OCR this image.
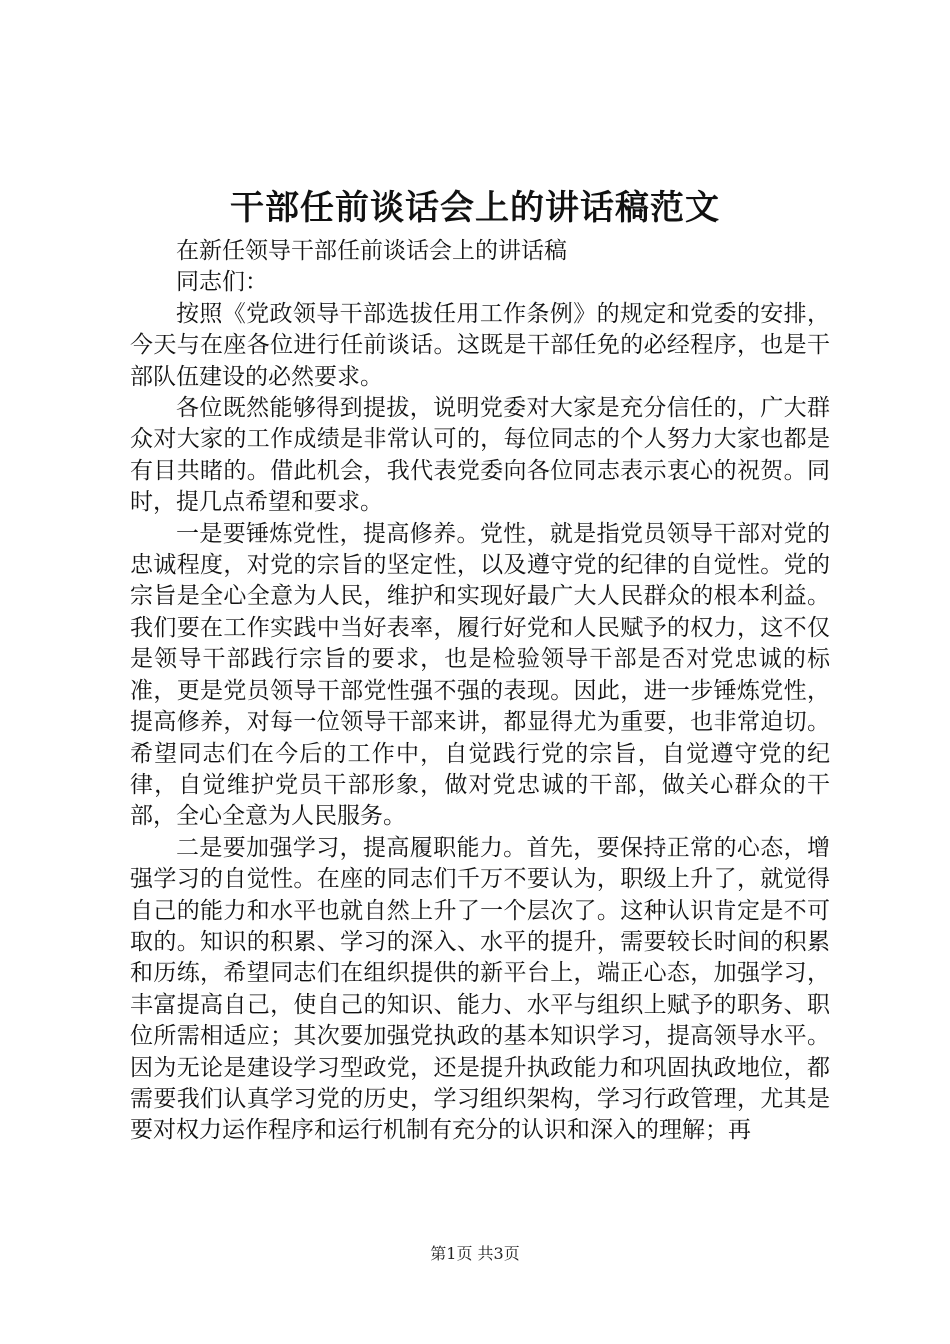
干部任前谈话会上的讲话稿范文

在新任领导干部任前谈话会上的讲话稿

同志们：

按照《党政领导干部选拔任用工作条例》的规定和党委的安排，今天与在座各位进行任前谈话。这既是干部任免的必经程序，也是干部队伍建设的必然要求。

各位既然能够得到提拔，说明党委对大家是充分信任的，广大群众对大家的工作成绩是非常认可的，每位同志的个人努力大家也都是有目共睹的。借此机会，我代表党委向各位同志表示衷心的祝贺。同时，提几点希望和要求。

一是要锤炼党性，提高修养。党性，就是指党员领导干部对党的忠诚程度，对党的宗旨的坚定性，以及遵守党的纪律的自觉性。党的宗旨是全心全意为人民，维护和实现好最广大人民群众的根本利益。我们要在工作实践中当好表率，履行好党和人民赋予的权力，这不仅是领导干部践行宗旨的要求，也是检验领导干部是否对党忠诚的标准，更是党员领导干部党性强不强的表现。因此，进一步锤炼党性，提高修养，对每一位领导干部来讲，都显得尤为重要，也非常迫切。希望同志们在今后的工作中，自觉践行党的宗旨，自觉遵守党的纪律，自觉维护党员干部形象，做对党忠诚的干部，做关心群众的干部，全心全意为人民服务。

二是要加强学习，提高履职能力。首先，要保持正常的心态，增强学习的自觉性。在座的同志们千万不要认为，职级上升了，就觉得自己的能力和水平也就自然上升了一个层次了。这种认识肯定是不可取的。知识的积累、学习的深入、水平的提升，需要较长时间的积累和历练，希望同志们在组织提供的新平台上，端正心态，加强学习，丰富提高自己，使自己的知识、能力、水平与组织上赋予的职务、职位所需相适应；其次要加强党执政的基本知识学习，提高领导水平。因为无论是建设学习型政党，还是提升执政能力和巩固执政地位，都需要我们认真学习党的历史，学习组织架构，学习行政管理，尤其是要对权力运作程序和运行机制有充分的认识和深入的理解；再

第1页 共3页
